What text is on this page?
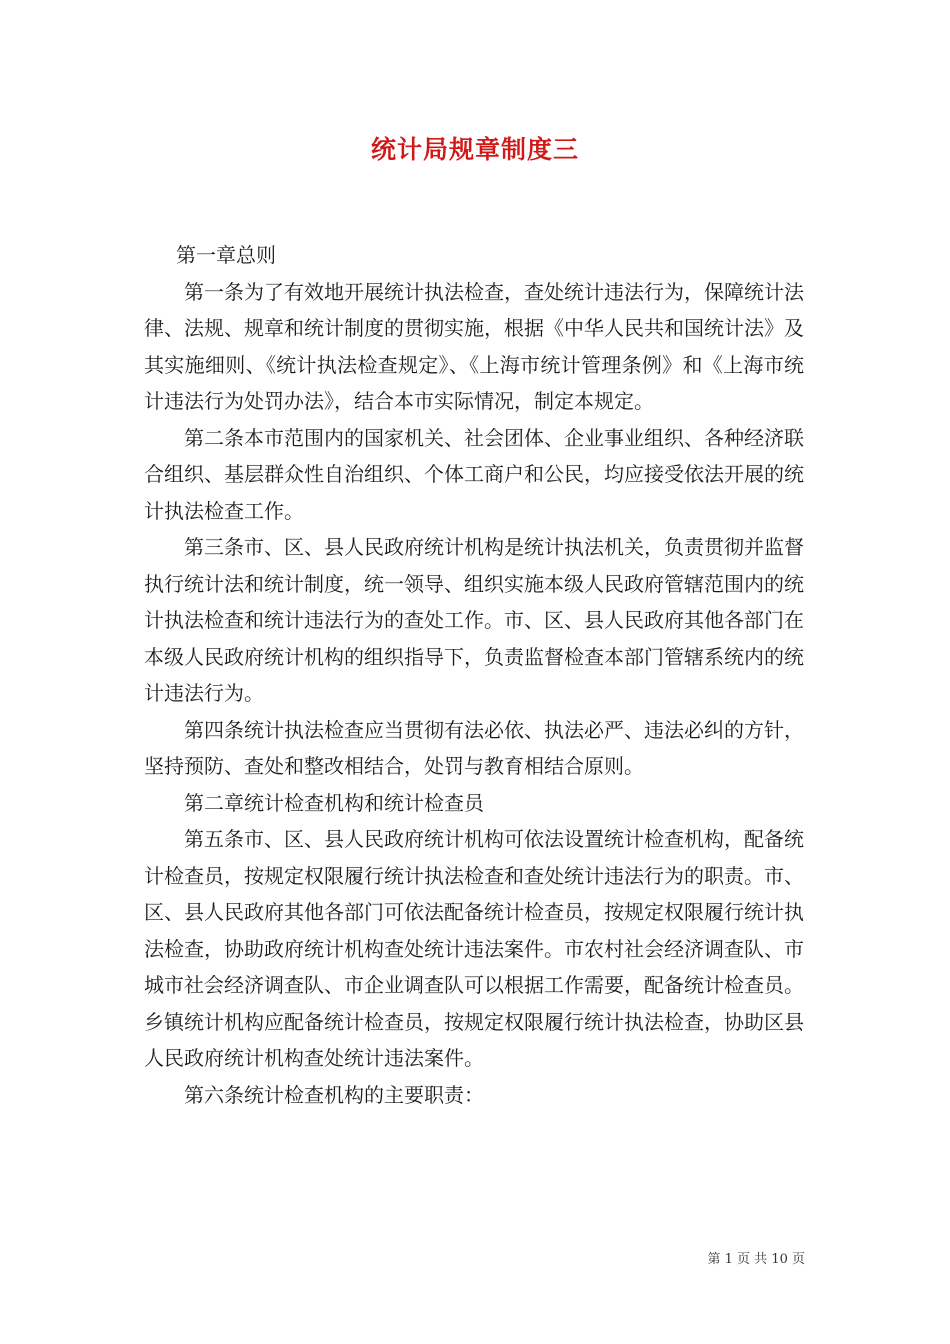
统计局规章制度三

第一章总则

第一条为了有效地开展统计执法检查，查处统计违法行为，保障统计法律、法规、规章和统计制度的贯彻实施，根据《中华人民共和国统计法》及其实施细则、《统计执法检查规定》、《上海市统计管理条例》和《上海市统计违法行为处罚办法》，结合本市实际情况，制定本规定。

第二条本市范围内的国家机关、社会团体、企业事业组织、各种经济联合组织、基层群众性自治组织、个体工商户和公民，均应接受依法开展的统计执法检查工作。

第三条市、区、县人民政府统计机构是统计执法机关，负责贯彻并监督执行统计法和统计制度，统一领导、组织实施本级人民政府管辖范围内的统计执法检查和统计违法行为的查处工作。市、区、县人民政府其他各部门在本级人民政府统计机构的组织指导下，负责监督检查本部门管辖系统内的统计违法行为。

第四条统计执法检查应当贯彻有法必依、执法必严、违法必纠的方针，坚持预防、查处和整改相结合，处罚与教育相结合原则。

第二章统计检查机构和统计检查员

第五条市、区、县人民政府统计机构可依法设置统计检查机构，配备统计检查员，按规定权限履行统计执法检查和查处统计违法行为的职责。市、区、县人民政府其他各部门可依法配备统计检查员，按规定权限履行统计执法检查，协助政府统计机构查处统计违法案件。市农村社会经济调查队、市城市社会经济调查队、市企业调查队可以根据工作需要，配备统计检查员。乡镇统计机构应配备统计检查员，按规定权限履行统计执法检查，协助区县人民政府统计机构查处统计违法案件。

第六条统计检查机构的主要职责：

第 1 页 共 10 页
